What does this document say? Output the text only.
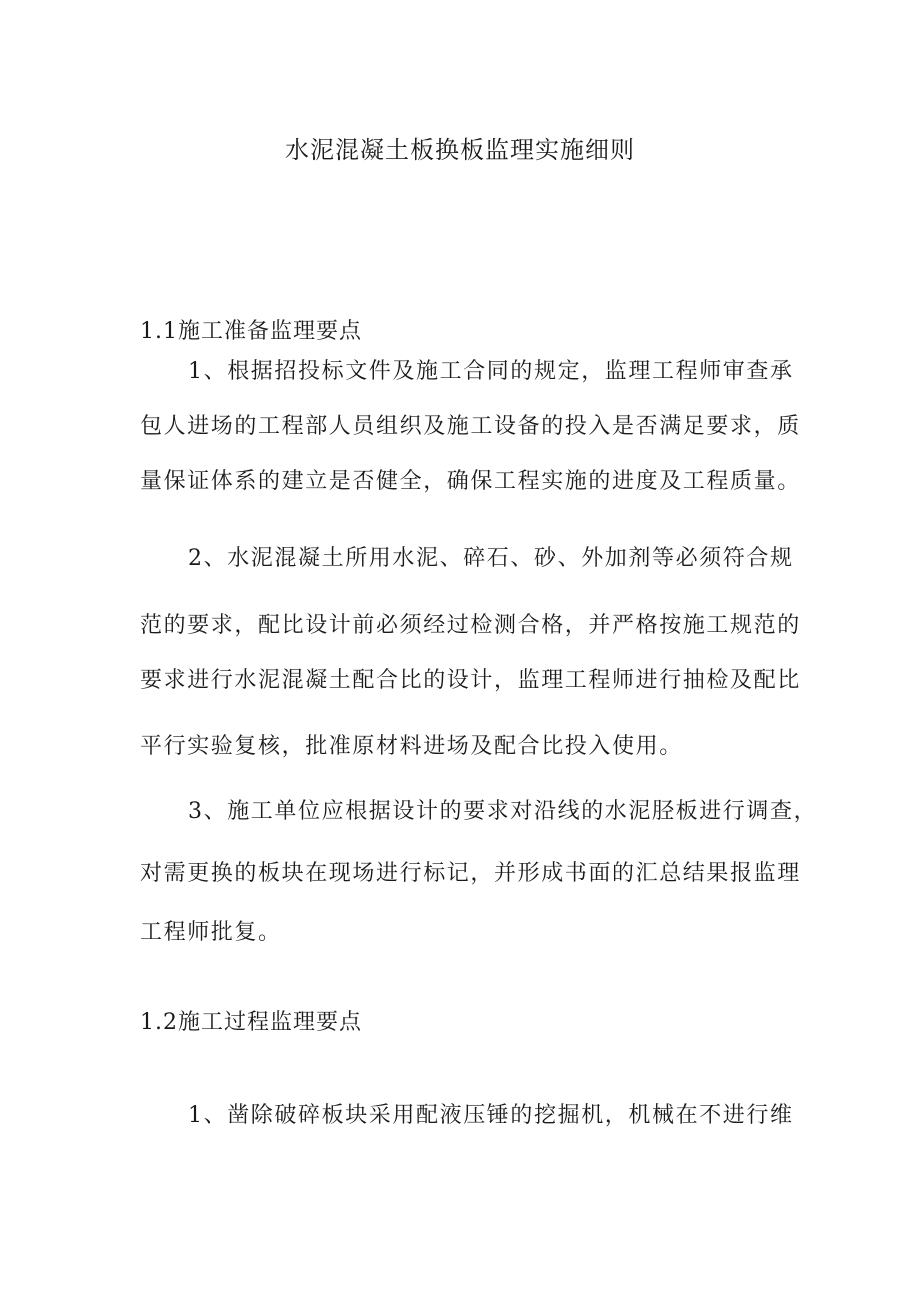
水泥混凝土板换板监理实施细则
1.1施工准备监理要点

1、根据招投标文件及施工合同的规定，监理工程师审查承

包人进场的工程部人员组织及施工设备的投入是否满足要求，质

量保证体系的建立是否健全，确保工程实施的进度及工程质量。

2、水泥混凝土所用水泥、碎石、砂、外加剂等必须符合规

范的要求，配比设计前必须经过检测合格，并严格按施工规范的

要求进行水泥混凝土配合比的设计，监理工程师进行抽检及配比

平行实验复核，批准原材料进场及配合比投入使用。

3、施工单位应根据设计的要求对沿线的水泥胫板进行调查，

对需更换的板块在现场进行标记，并形成书面的汇总结果报监理

工程师批复。

1.2施工过程监理要点

1、凿除破碎板块采用配液压锤的挖掘机，机械在不进行维
